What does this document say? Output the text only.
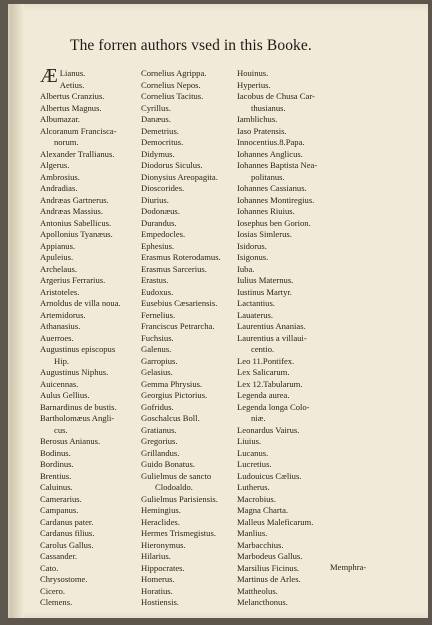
The forren authors vsed in this Booke.
Æ Lianus.
Aetius.
Albertus Cranzius.
Albertus Magnus.
Albumazar.
Alcoranum Francisca-
norum.
Alexander Trallianus.
Algerus.
Ambrosius.
Andradias.
Andræas Gartnerus.
Andræas Massius.
Antonius Sabellicus.
Apollonius Tyanæus.
Appianus.
Apuleius.
Archelaus.
Argerius Ferrarius.
Aristoteles.
Arnoldus de villa noua.
Artemidorus.
Athanasius.
Auerroes.
Augustinus episcopus
Hip.
Augustinus Niphus.
Auicennas.
Aulus Gellius.
Barnardinus de bustis.
Bartholomæus Angli-
cus.
Berosus Anianus.
Bodinus.
Bordinus.
Brentius.
Caluinus.
Camerarius.
Campanus.
Cardanus pater.
Cardanus filius.
Carolus Gallus.
Cassander.
Cato.
Chrysostome.
Cicero.
Clemens.
Cornelius Agrippa.
Cornelius Nepos.
Cornelius Tacitus.
Cyrillus.
Danæus.
Demetrius.
Democritus.
Didymus.
Diodorus Siculus.
Dionysius Areopagita.
Dioscorides.
Diurius.
Dodonæus.
Durandus.
Empedocles.
Ephesius.
Erasmus Roterodamus.
Erasmus Sarcerius.
Erastus.
Eudoxus.
Eusebius Cæsariensis.
Fernelius.
Franciscus Petrarcha.
Fuchsius.
Galenus.
Garropius.
Gelasius.
Gemma Phrysius.
Georgius Pictorius.
Gofridus.
Goschalcus Boll.
Gratianus.
Gregorius.
Grillandus.
Guido Bonatus.
Gulielmus de sancto
Clodoaldo.
Gulielmus Parisiensis.
Hemingius.
Heraclides.
Hermes Trismegistus.
Hieronymus.
Hilarius.
Hippocrates.
Homerus.
Horatius.
Hostiensis.
Houinus.
Hyperius.
Iacobus de Chusa Car-
thusianus.
Iamblichus.
Iaso Pratensis.
Innocentius.8.Papa.
Iohannes Anglicus.
Iohannes Baptista Nea-
politanus.
Iohannes Cassianus.
Iohannes Montiregius.
Iohannes Riuius.
Iosephus ben Gorion.
Iosias Simlerus.
Isidorus.
Isigonus.
Iuba.
Iulius Maternus.
Iustinus Martyr.
Lactantius.
Lauaterus.
Laurentius Ananias.
Laurentius a villaui-
centio.
Leo 11.Pontifex.
Lex Salicarum.
Lex 12.Tabularum.
Legenda aurea.
Legenda longa Colo-
niæ.
Leonardus Vairus.
Liuius.
Lucanus.
Lucretius.
Ludouicus Cælius.
Lutherus.
Macrobius.
Magna Charta.
Malleus Maleficarum.
Manlius.
Marbacchius.
Marbodeus Gallus.
Marsilius Ficinus.
Martinus de Arles.
Mattheolus.
Melancthonus.
Memphra-
